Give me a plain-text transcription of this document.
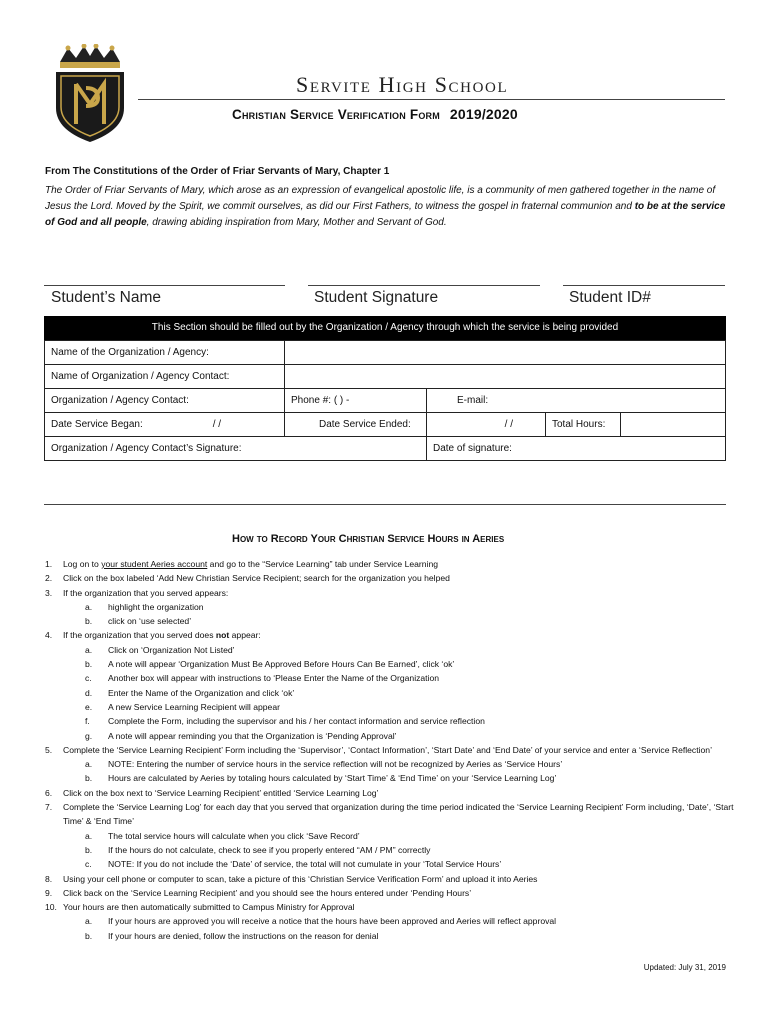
Servite High School
Christian Service Verification Form 2019/2020
From The Constitutions of the Order of Friar Servants of Mary, Chapter 1
The Order of Friar Servants of Mary, which arose as an expression of evangelical apostolic life, is a community of men gathered together in the name of Jesus the Lord. Moved by the Spirit, we commit ourselves, as did our First Fathers, to witness the gospel in fraternal communion and to be at the service of God and all people, drawing abiding inspiration from Mary, Mother and Servant of God.
Student’s Name	Student Signature	Student ID#
This Section should be filled out by the Organization / Agency through which the service is being provided
Name of the Organization / Agency:				
Name of Organization / Agency Contact:				
Organization / Agency Contact:	Phone #: ( ) -	E-mail:		
Date Service Began: / /	Date Service Ended:	/ /	Total Hours:	
Organization / Agency Contact’s Signature:		Date of signature:		
How to Record Your Christian Service Hours in Aeries
1.	Log on to your student Aeries account and go to the “Service Learning” tab under Service Learning
2.	Click on the box labeled ‘Add New Christian Service Recipient; search for the organization you helped
3.	If the organization that you served appears:
a.	highlight the organization
b.	click on ‘use selected’
4.	If the organization that you served does not appear:
a.	Click on ‘Organization Not Listed’
b.	A note will appear ‘Organization Must Be Approved Before Hours Can Be Earned’, click ‘ok’
c.	Another box will appear with instructions to ‘Please Enter the Name of the Organization
d.	Enter the Name of the Organization and click ‘ok’
e.	A new Service Learning Recipient will appear
f.	Complete the Form, including the supervisor and his / her contact information and service reflection
g.	A note will appear reminding you that the Organization is ‘Pending Approval’
5.	Complete the ‘Service Learning Recipient’ Form including the ‘Supervisor’, ‘Contact Information’, ‘Start Date’ and ‘End Date’ of your service and enter a ‘Service Reflection’
a.	NOTE: Entering the number of service hours in the service reflection will not be recognized by Aeries as ‘Service Hours’
b.	Hours are calculated by Aeries by totaling hours calculated by ‘Start Time’ & ‘End Time’ on your ‘Service Learning Log’
6.	Click on the box next to ‘Service Learning Recipient’ entitled ‘Service Learning Log’
7.	Complete the ‘Service Learning Log’ for each day that you served that organization during the time period indicated the ‘Service Learning Recipient’ Form including, ‘Date’, ‘Start Time’ & ‘End Time’
a.	The total service hours will calculate when you click ‘Save Record’
b.	If the hours do not calculate, check to see if you properly entered “AM / PM” correctly
c.	NOTE: If you do not include the ‘Date’ of service, the total will not cumulate in your ‘Total Service Hours’
8.	Using your cell phone or computer to scan, take a picture of this ‘Christian Service Verification Form’ and upload it into Aeries
9.	Click back on the ‘Service Learning Recipient’ and you should see the hours entered under ‘Pending Hours’
10. Your hours are then automatically submitted to Campus Ministry for Approval
a.	If your hours are approved you will receive a notice that the hours have been approved and Aeries will reflect approval
b.	If your hours are denied, follow the instructions on the reason for denial
Updated: July 31, 2019
